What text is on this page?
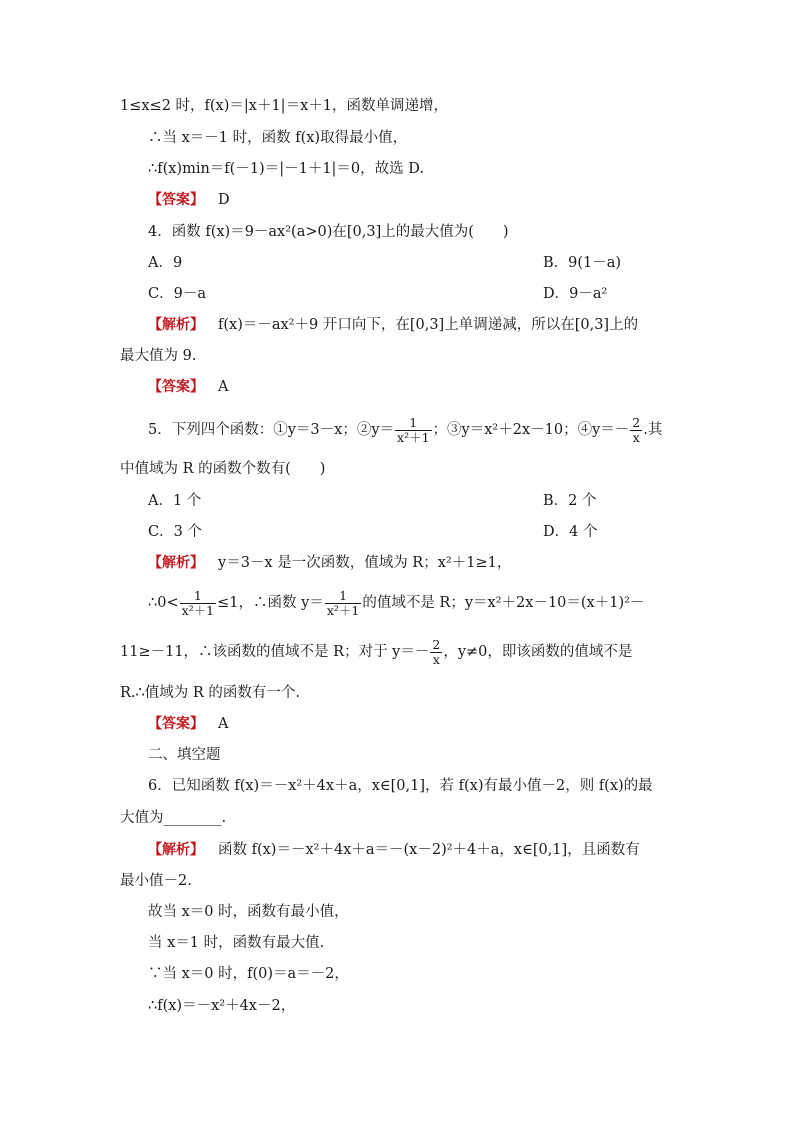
1≤x≤2 时，f(x)＝|x＋1|＝x＋1，函数单调递增，
∴当 x＝－1 时，函数 f(x)取得最小值，
∴f(x)min＝f(－1)＝|－1＋1|＝0，故选 D.
【答案】 D
4．函数 f(x)＝9－ax²(a>0)在[0,3]上的最大值为(　　)
A．9	B．9(1－a)
C．9－a	D．9－a²
【解析】 f(x)＝－ax²＋9 开口向下，在[0,3]上单调递减，所以在[0,3]上的
最大值为 9.
【答案】 A
5．下列四个函数：①y＝3－x；②y＝ $\frac{1}{\text{x²＋1}}$ ；③y＝x²＋2x－10；④y＝－ $\frac{2}{x}$ .其
中值域为 R 的函数个数有(　　)
A．1 个	B．2 个
C．3 个	D．4 个
【解析】 y＝3－x 是一次函数，值域为 R；x²＋1≥1，
∴0< $\frac{1}{\text{x²＋1}} \le 1$，∴函数 $y= \frac{1}{\text{x²＋1}}$ 的值域不是 R；y＝x²＋2x－10＝(x＋1)²－
11≥－11，∴该函数的值域不是 R；对于 $y=- \frac{2}{x}$ ，y≠0，即该函数的值域不是
R.∴值域为 R 的函数有一个.
【答案】 A
二、填空题
6．已知函数 f(x)＝－x²＋4x＋a，x∈[0,1]，若 f(x)有最小值－2，则 f(x)的最
大值为________.
【解析】 函数 f(x)＝－x²＋4x＋a＝－(x－2)²＋4＋a，x∈[0,1]，且函数有
最小值－2.
故当 x＝0 时，函数有最小值，
当 x＝1 时，函数有最大值.
∵当 x＝0 时，f(0)＝a＝－2，
∴f(x)＝－x²＋4x－2，
